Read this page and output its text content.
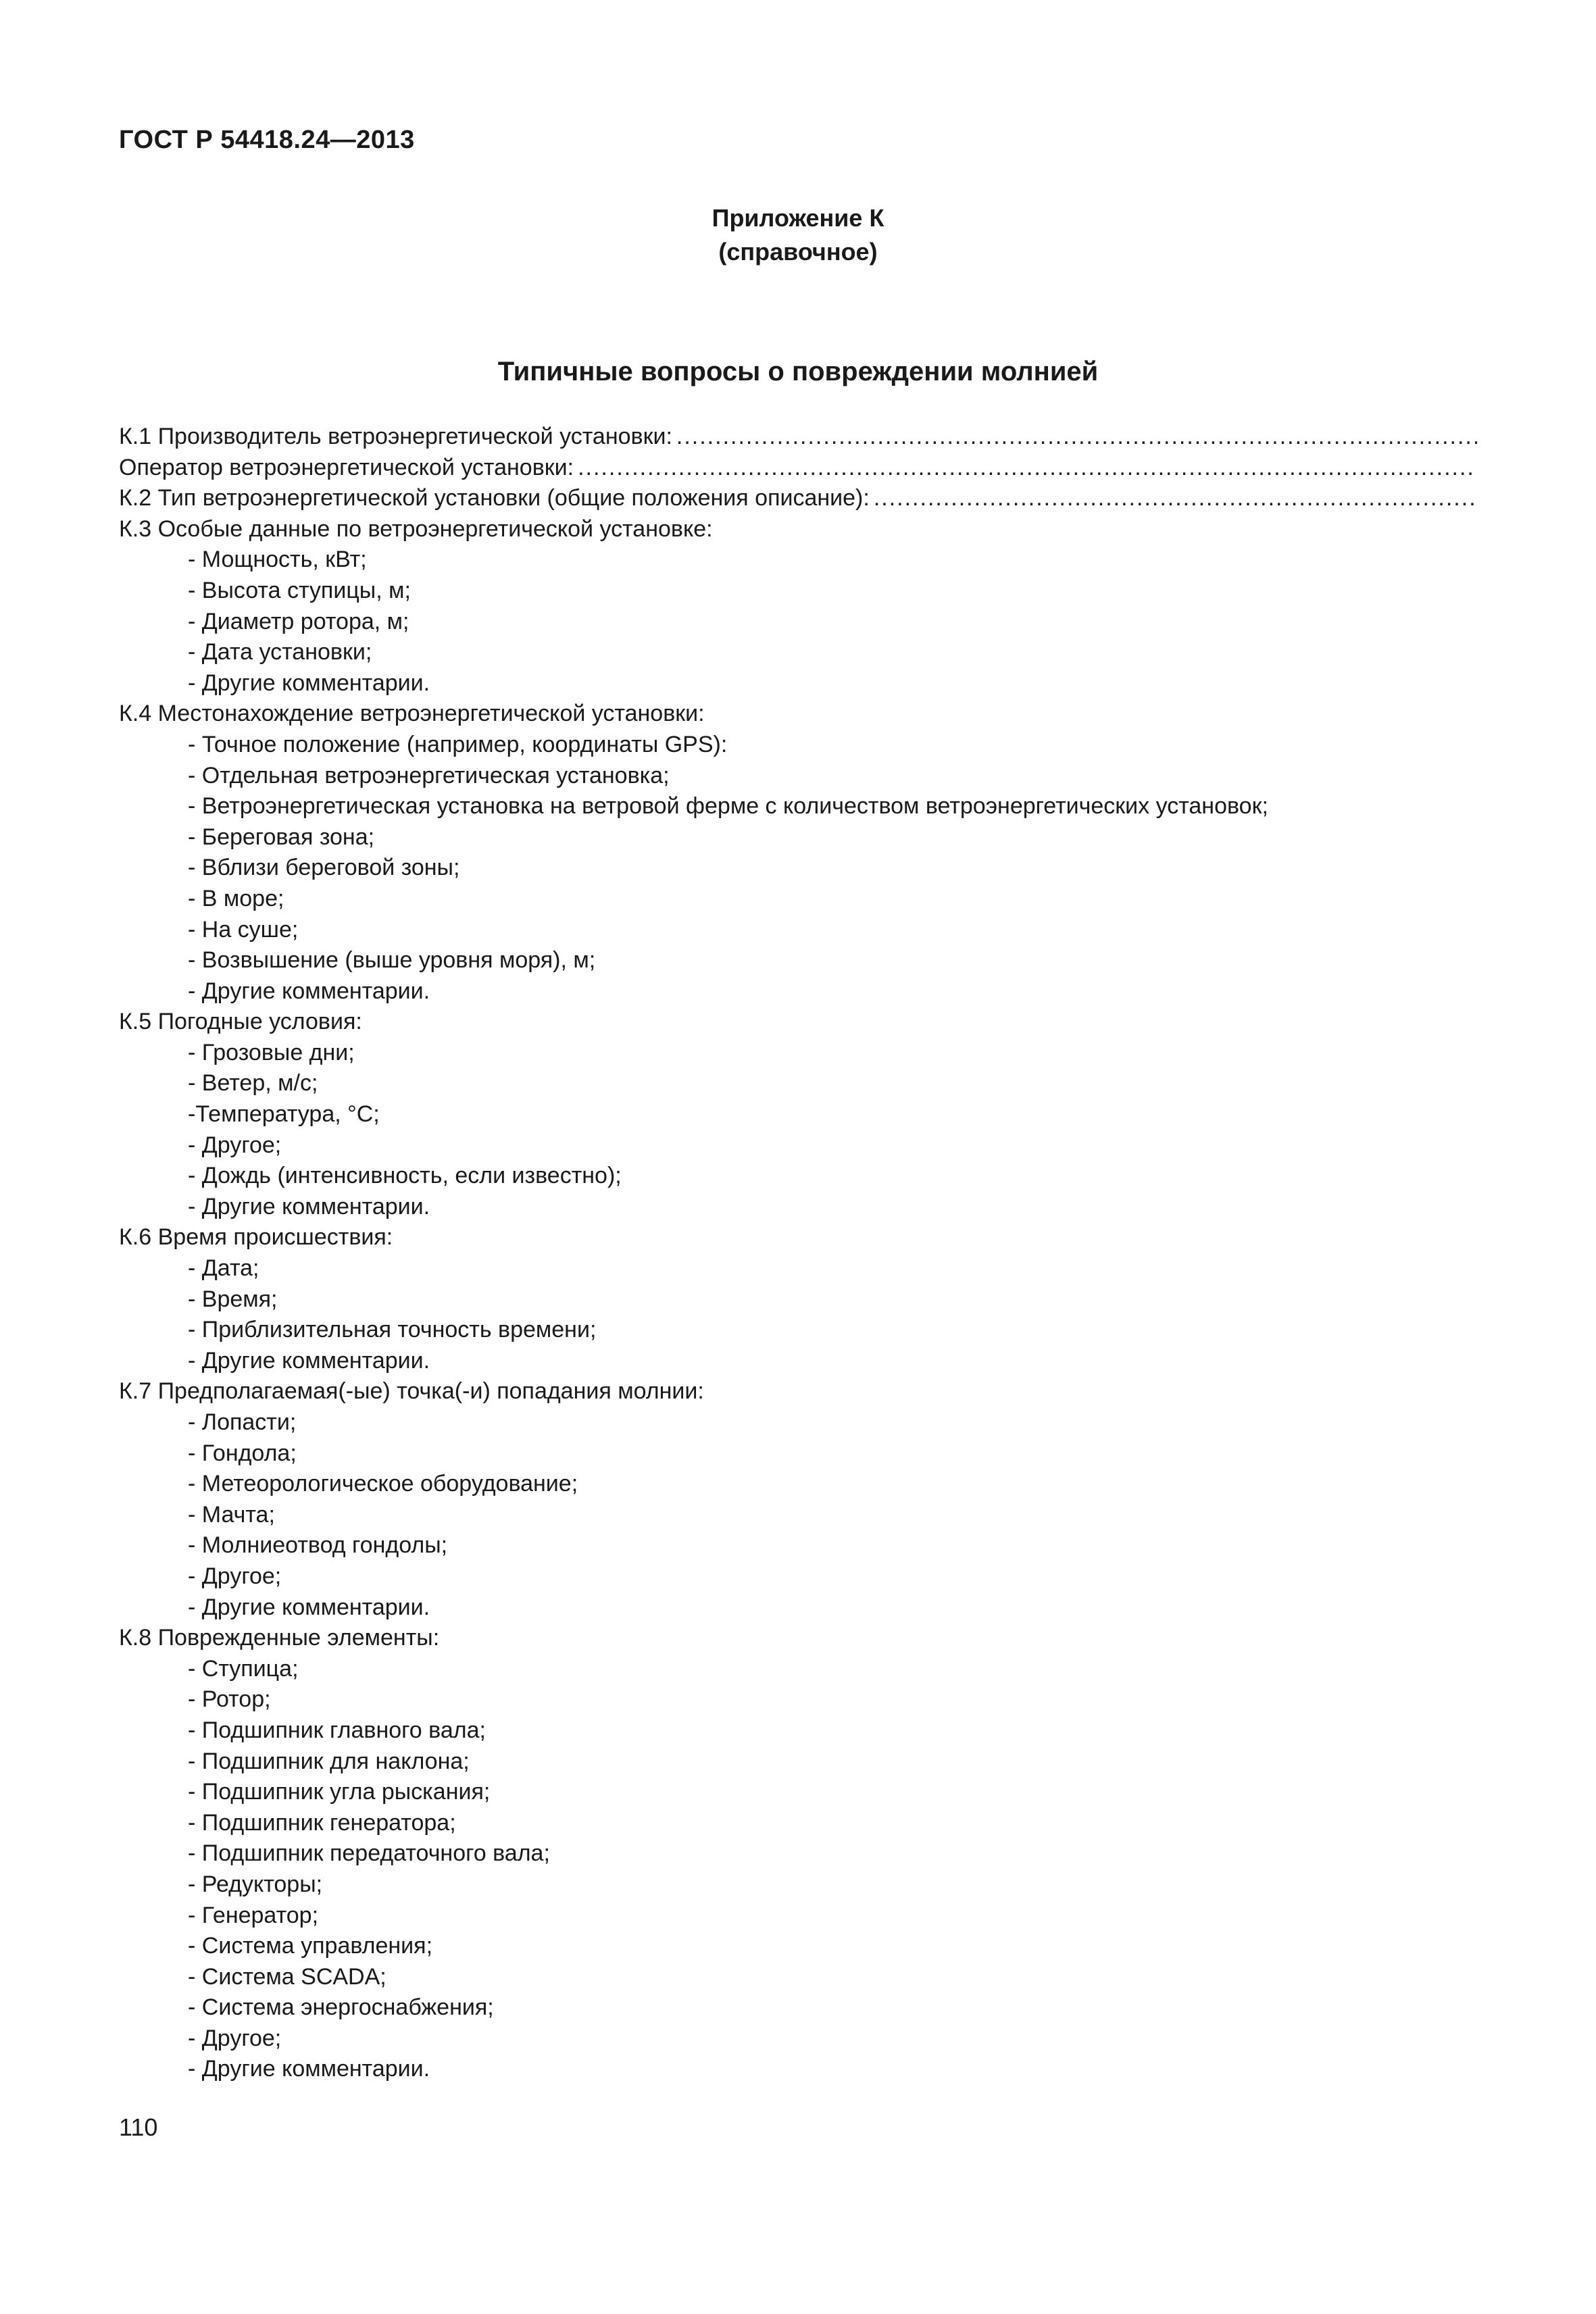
ГОСТ Р 54418.24—2013
Приложение К
(справочное)
Типичные вопросы о повреждении молнией
К.1 Производитель ветроэнергетической установки:
.....
Оператор ветроэнергетической установки:
.....
К.2 Тип ветроэнергетической установки (общие положения описание):
.....
К.3 Особые данные по ветроэнергетической установке:
- Мощность, кВт;
- Высота ступицы, м;
- Диаметр ротора, м;
- Дата установки;
- Другие комментарии.
К.4 Местонахождение ветроэнергетической установки:
- Точное положение (например, координаты GPS):
- Отдельная ветроэнергетическая установка;
- Ветроэнергетическая установка на ветровой ферме с количеством ветроэнергетических установок;
- Береговая зона;
- Вблизи береговой зоны;
- В море;
- На суше;
- Возвышение (выше уровня моря), м;
- Другие комментарии.
К.5 Погодные условия:
- Грозовые дни;
- Ветер, м/с;
-Температура, °С;
- Другое;
- Дождь (интенсивность, если известно);
- Другие комментарии.
К.6 Время происшествия:
- Дата;
- Время;
- Приблизительная точность времени;
- Другие комментарии.
К.7 Предполагаемая(-ые) точка(-и) попадания молнии:
- Лопасти;
- Гондола;
- Метеорологическое оборудование;
- Мачта;
- Молниеотвод гондолы;
- Другое;
- Другие комментарии.
К.8 Поврежденные элементы:
- Ступица;
- Ротор;
- Подшипник главного вала;
- Подшипник для наклона;
- Подшипник угла рыскания;
- Подшипник генератора;
- Подшипник передаточного вала;
- Редукторы;
- Генератор;
- Система управления;
- Система SCADA;
- Система энергоснабжения;
- Другое;
- Другие комментарии.
110
